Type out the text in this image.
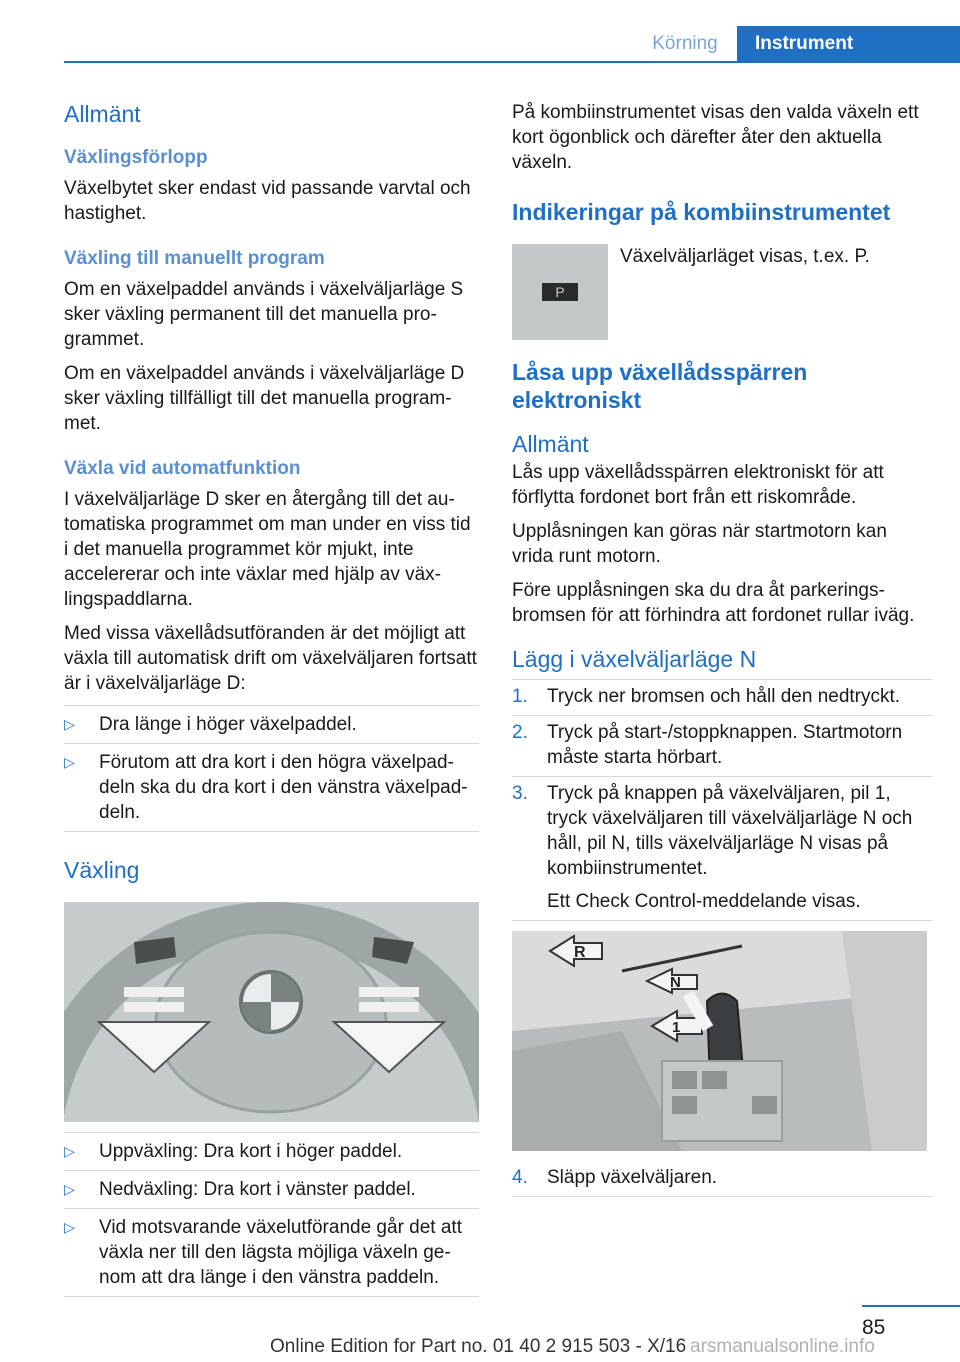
Körning	Instrument
Allmänt
Växlingsförlopp

Växelbytet sker endast vid passande varvtal och hastighet.

Växling till manuellt program

Om en växelpaddel används i växelväljarläge S sker växling permanent till det manuella programmet.

Om en växelpaddel används i växelväljarläge D sker växling tillfälligt till det manuella programmet.

Växla vid automatfunktion

I växelväljarläge D sker en återgång till det automatiska programmet om man under en viss tid i det manuella programmet kör mjukt, inte accelererar och inte växlar med hjälp av växlingspaddlarna.

Med vissa växellådsutföranden är det möjligt att växla till automatisk drift om växelväljaren fortsatt är i växelväljarläge D:

▷ Dra länge i höger växelpaddel.
▷ Förutom att dra kort i den högra växelpaddeln ska du dra kort i den vänstra växelpaddeln.
Växling
▷ Uppväxling: Dra kort i höger paddel.
▷ Nedväxling: Dra kort i vänster paddel.
▷ Vid motsvarande växelutförande går det att växla ner till den lägsta möjliga växeln genom att dra länge i den vänstra paddeln.

På kombiinstrumentet visas den valda växeln ett kort ögonblick och därefter åter den aktuella växeln.

Indikeringar på kombiinstrumentet
P

Växelväljarläget visas, t.ex. P.

Låsa upp växellådsspärren elektroniskt
Allmänt

Lås upp växellådsspärren elektroniskt för att förflytta fordonet bort från ett riskområde.

Upplåsningen kan göras när startmotorn kan vrida runt motorn.

Före upplåsningen ska du dra åt parkeringsbromsen för att förhindra att fordonet rullar iväg.

Lägg i växelväljarläge N
1. Tryck ner bromsen och håll den nedtryckt.
2. Tryck på start-/stoppknappen. Startmotorn måste starta hörbart.
3. Tryck på knappen på växelväljaren, pil 1, tryck växelväljaren till växelväljarläge N och håll, pil N, tills växelväljarläge N visas på kombiinstrumentet.
Ett Check Control-meddelande visas.
R
N
1
4. Släpp växelväljaren.
85
Online Edition for Part no. 01 40 2 915 503 - X/16 arsmanualsonline.info
